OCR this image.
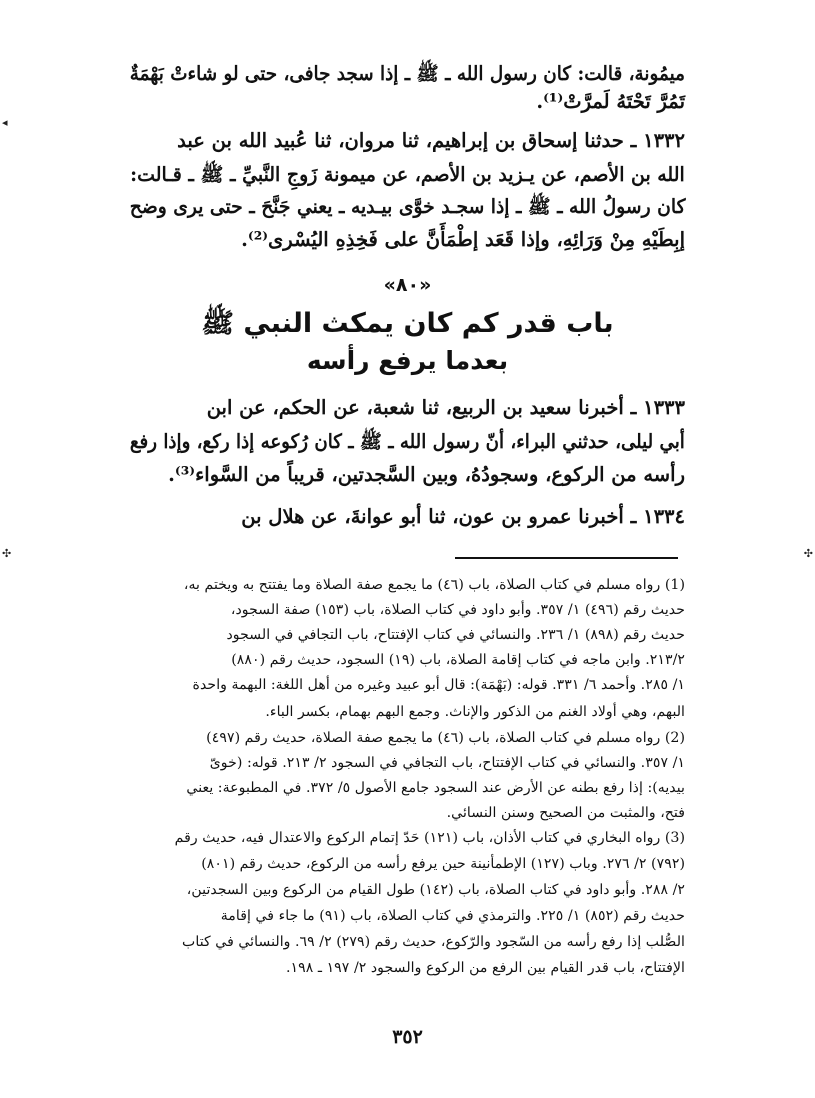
◂
✣	✣
ميمُونة، قالت: كان رسول الله ـ ﷺ ـ إذا سجد جافى، حتى لو شاءتْ بَهْمَةٌ
تَمُرَّ تَحْتَهُ لَمرَّتْ⁽¹⁾.
١٣٣٢ ـ حدثنا إسحاق بن إبراهيم، ثنا مروان، ثنا عُبيد الله بن عبد
الله بن الأصم، عن يـزيد بن الأصم، عن ميمونة زَوجِ النَّبيِّ ـ ﷺ ـ قـالت:
كان رسولُ الله ـ ﷺ ـ إذا سجـد خوَّى بيـديه ـ يعني جَنَّحَ ـ حتى يرى وضح
إبِطَيْهِ مِنْ وَرَائِهِ، وإذا قَعَد إطْمَأَنَّ على فَخِذِهِ اليُسْرى⁽²⁾.
«٨٠»
باب قدر كم كان يمكث النبي ﷺ
بعدما يرفع رأسه
١٣٣٣ ـ أخبرنا سعيد بن الربيع، ثنا شعبة، عن الحكم، عن ابن
أبي ليلى، حدثني البراء، أنّ رسول الله ـ ﷺ ـ كان رُكوعه إذا ركع، وإذا رفع
رأسه من الركوع، وسجودُهُ، وبين السَّجدتين، قريباً من السَّواء⁽³⁾.
١٣٣٤ ـ أخبرنا عمرو بن عون، ثنا أبو عوانةَ، عن هلال بن
(1) رواه مسلم في كتاب الصلاة، باب (٤٦) ما يجمع صفة الصلاة وما يفتتح به ويختم به،
حديث رقم (٤٩٦) ١/ ٣٥٧. وأبو داود في كتاب الصلاة، باب (١٥٣) صفة السجود،
حديث رقم (٨٩٨) ١/ ٢٣٦. والنسائي في كتاب الإفتتاح، باب التجافي في السجود
٢١٣/٢. وابن ماجه في كتاب إقامة الصلاة، باب (١٩) السجود، حديث رقم (٨٨٠)
١/ ٢٨٥. وأحمد ٦/ ٣٣١. قوله: (بَهْمَة): قال أبو عبيد وغيره من أهل اللغة: البهمة واحدة
البهم، وهي أولاد الغنم من الذكور والإناث. وجمع البهم بهمام، بكسر الباء.
(2) رواه مسلم في كتاب الصلاة، باب (٤٦) ما يجمع صفة الصلاة، حديث رقم (٤٩٧)
١/ ٣٥٧. والنسائي في كتاب الإفتتاح، باب التجافي في السجود ٢/ ٢١٣. قوله: (خوىّ
بيديه): إذا رفع بطنه عن الأرض عند السجود جامع الأصول ٥/ ٣٧٢. في المطبوعة: يعني
فتح، والمثبت من الصحيح وسنن النسائي.
(3) رواه البخاري في كتاب الأذان، باب (١٢١) حَدّ إتمام الركوع والاعتدال فيه، حديث رقم
(٧٩٢) ٢/ ٢٧٦. وباب (١٢٧) الإطمأنينة حين يرفع رأسه من الركوع، حديث رقم (٨٠١)
٢/ ٢٨٨. وأبو داود في كتاب الصلاة، باب (١٤٢) طول القيام من الركوع وبين السجدتين،
حديث رقم (٨٥٢) ١/ ٢٢٥. والترمذي في كتاب الصلاة، باب (٩١) ما جاء في إقامة
الصُّلب إذا رفع رأسه من السّجود والرّكوع، حديث رقم (٢٧٩) ٢/ ٦٩. والنسائي في كتاب
الإفتتاح، باب قدر القيام بين الرفع من الركوع والسجود ٢/ ١٩٧ ـ ١٩٨.
٣٥٢
